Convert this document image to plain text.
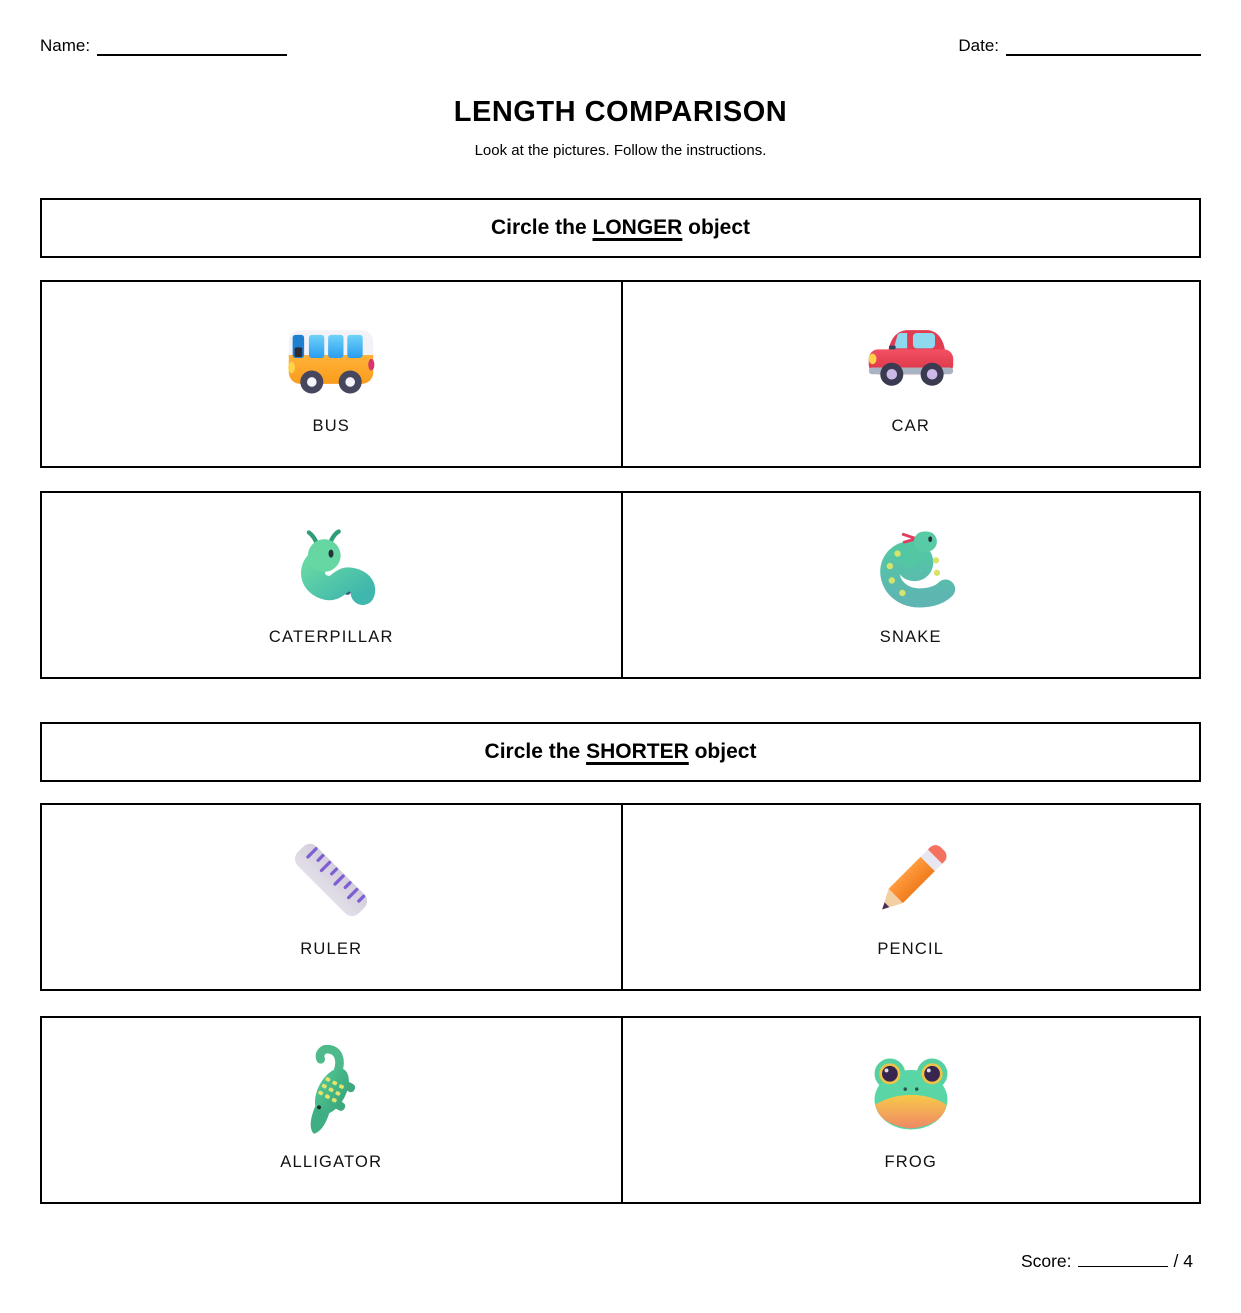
Name:	Date:
LENGTH COMPARISON
Look at the pictures. Follow the instructions.
Circle the LONGER object
BUS	CAR
CATERPILLAR	SNAKE
Circle the SHORTER object
RULER	PENCIL
ALLIGATOR	FROG
Score:	/ 4
